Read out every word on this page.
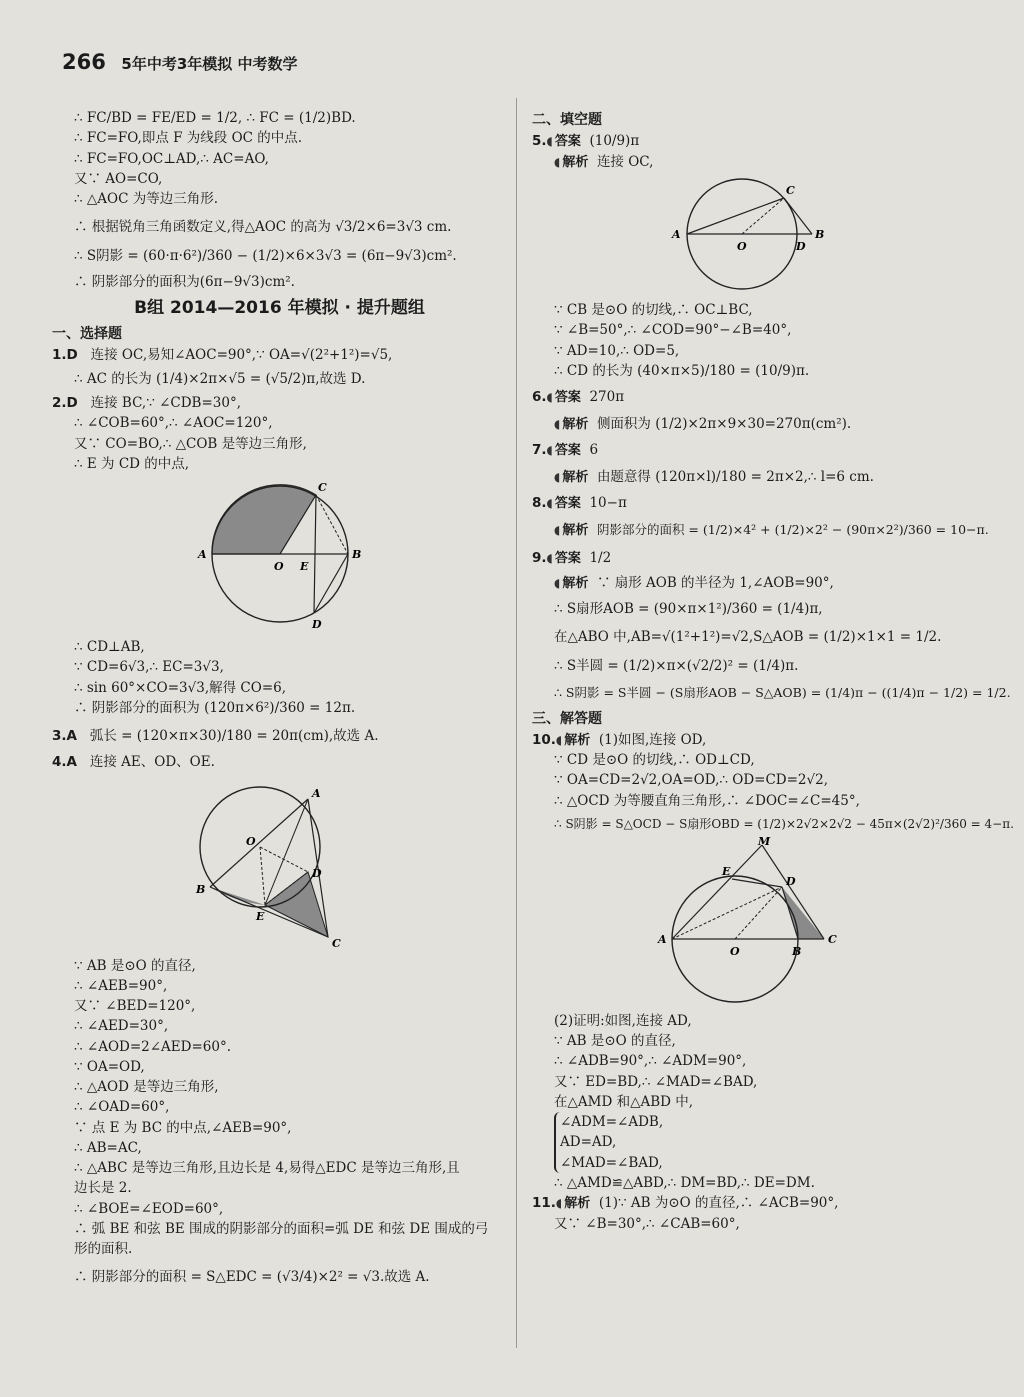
266 5年中考3年模拟 中考数学
∴ FC/BD = FE/ED = 1/2, ∴ FC = (1/2)BD.
∴ FC=FO,即点 F 为线段 OC 的中点.
∴ FC=FO,OC⊥AD,∴ AC=AO,
又∵ AO=CO,
∴ △AOC 为等边三角形.
∴ 根据锐角三角函数定义,得△AOC 的高为 √3/2×6=3√3 cm.
∴ S阴影 = (60·π·6²)/360 − (1/2)×6×3√3 = (6π−9√3)cm².
∴ 阴影部分的面积为(6π−9√3)cm².
B组 2014—2016 年模拟 · 提升题组
一、选择题
1.D 连接 OC,易知∠AOC=90°,∵ OA=√(2²+1²)=√5,
∴ AC 的长为 (1/4)×2π×√5 = (√5/2)π,故选 D.
2.D 连接 BC,∵ ∠CDB=30°,
∴ ∠COB=60°,∴ ∠AOC=120°,
又∵ CO=BO,∴ △COB 是等边三角形,
∴ E 为 CD 的中点,
A	B
C
D
E
O
∴ CD⊥AB,
∵ CD=6√3,∴ EC=3√3,
∴ sin 60°×CO=3√3,解得 CO=6,
∴ 阴影部分的面积为 (120π×6²)/360 = 12π.
3.A 弧长 = (120×π×30)/180 = 20π(cm),故选 A.
4.A 连接 AE、OD、OE.
A
B
C
D
E
O
∵ AB 是⊙O 的直径,
∴ ∠AEB=90°,
又∵ ∠BED=120°,
∴ ∠AED=30°,
∴ ∠AOD=2∠AED=60°.
∵ OA=OD,
∴ △AOD 是等边三角形,
∴ ∠OAD=60°,
∵ 点 E 为 BC 的中点,∠AEB=90°,
∴ AB=AC,
∴ △ABC 是等边三角形,且边长是 4,易得△EDC 是等边三角形,且
边长是 2.
∴ ∠BOE=∠EOD=60°,
∴ 弧 BE 和弦 BE 围成的阴影部分的面积=弧 DE 和弦 DE 围成的弓
形的面积.
∴ 阴影部分的面积 = S△EDC = (√3/4)×2² = √3.故选 A.
二、填空题
5. ◖ 答案 (10/9)π
◖ 解析 连接 OC,
A	B
C
D
O
∵ CB 是⊙O 的切线,∴ OC⊥BC,
∵ ∠B=50°,∴ ∠COD=90°−∠B=40°,
∵ AD=10,∴ OD=5,
∴ CD 的长为 (40×π×5)/180 = (10/9)π.
6. ◖ 答案 270π
◖ 解析 侧面积为 (1/2)×2π×9×30=270π(cm²).
7. ◖ 答案 6
◖ 解析 由题意得 (120π×l)/180 = 2π×2,∴ l=6 cm.
8. ◖ 答案 10−π
◖ 解析 阴影部分的面积 = (1/2)×4² + (1/2)×2² − (90π×2²)/360 = 10−π.
9. ◖ 答案 1/2
◖ 解析 ∵ 扇形 AOB 的半径为 1,∠AOB=90°,
∴ S扇形AOB = (90×π×1²)/360 = (1/4)π,
在△ABO 中,AB=√(1²+1²)=√2,S△AOB = (1/2)×1×1 = 1/2.
∴ S半圆 = (1/2)×π×(√2/2)² = (1/4)π.
∴ S阴影 = S半圆 − (S扇形AOB − S△AOB) = (1/4)π − ((1/4)π − 1/2) = 1/2.
三、解答题
10. ◖ 解析 (1)如图,连接 OD,
∵ CD 是⊙O 的切线,∴ OD⊥CD,
∵ OA=CD=2√2,OA=OD,∴ OD=CD=2√2,
∴ △OCD 为等腰直角三角形,∴ ∠DOC=∠C=45°,
∴ S阴影 = S△OCD − S扇形OBD = (1/2)×2√2×2√2 − 45π×(2√2)²/360 = 4−π.
A
B
C
D
E
M
O
(2)证明:如图,连接 AD,
∵ AB 是⊙O 的直径,
∴ ∠ADB=90°,∴ ∠ADM=90°,
又∵ ED=BD,∴ ∠MAD=∠BAD,
在△AMD 和△ABD 中,
∠ADM=∠ADB,
AD=AD,
∠MAD=∠BAD,
∴ △AMD≌△ABD,∴ DM=BD,∴ DE=DM.
11. ◖ 解析 (1)∵ AB 为⊙O 的直径,∴ ∠ACB=90°,
又∵ ∠B=30°,∴ ∠CAB=60°,
